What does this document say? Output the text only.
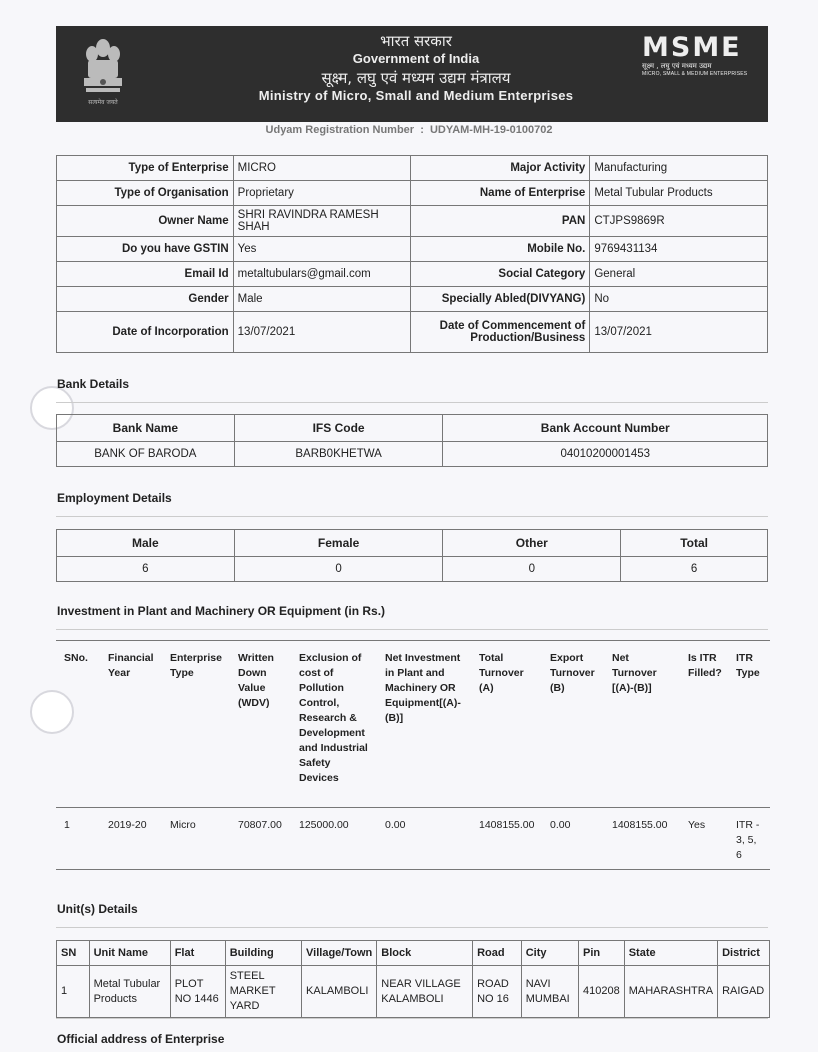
सत्यमेव जयते
भारत सरकार
Government of India
सूक्ष्म, लघु एवं मध्यम उद्यम मंत्रालय
Ministry of Micro, Small and Medium Enterprises
MSME
सूक्ष्म , लघु एवं मध्यम उद्यम
MICRO, SMALL & MEDIUM ENTERPRISES
Udyam Registration Number : UDYAM-MH-19-0100702
Type of Enterprise	MICRO	Major Activity	Manufacturing
Type of Organisation	Proprietary	Name of Enterprise	Metal Tubular Products
Owner Name	SHRI RAVINDRA RAMESH SHAH	PAN	CTJPS9869R
Do you have GSTIN	Yes	Mobile No.	9769431134
Email Id	metaltubulars@gmail.com	Social Category	General
Gender	Male	Specially Abled(DIVYANG)	No
Date of Incorporation	13/07/2021	Date of Commencement of Production/Business	13/07/2021
Bank Details
Bank Name	IFS Code	Bank Account Number
BANK OF BARODA	BARB0KHETWA	04010200001453
Employment Details
Male	Female	Other	Total
6	0	0	6
Investment in Plant and Machinery OR Equipment (in Rs.)
SNo.	Financial Year	Enterprise Type	Written Down Value (WDV)	Exclusion of cost of Pollution Control, Research & Development and Industrial Safety Devices	Net Investment in Plant and Machinery OR Equipment[(A)-(B)]	Total Turnover (A)	Export Turnover (B)	Net Turnover [(A)-(B)]	Is ITR Filled?	ITR Type
1	2019-20	Micro	70807.00	125000.00	0.00	1408155.00	0.00	1408155.00	Yes	ITR - 3, 5, 6
Unit(s) Details
SN	Unit Name	Flat	Building	Village/Town	Block	Road	City	Pin	State	District
1	Metal Tubular Products	PLOT NO 1446	STEEL MARKET YARD	KALAMBOLI	NEAR VILLAGE KALAMBOLI	ROAD NO 16	NAVI MUMBAI	410208	MAHARASHTRA	RAIGAD
Official address of Enterprise
